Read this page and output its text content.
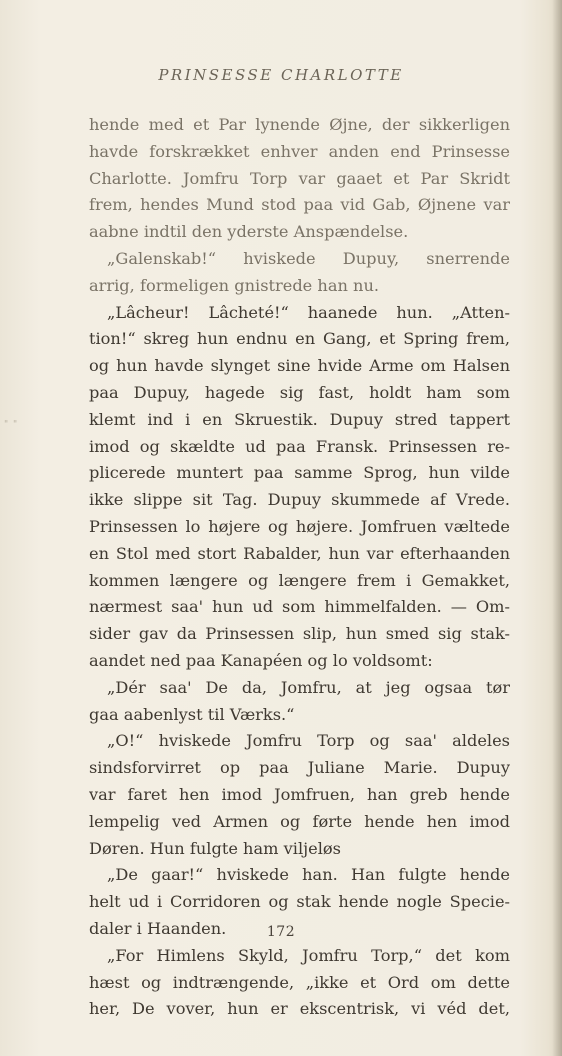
" "
PRINSESSE CHARLOTTE
hende med et Par lynende Øjne, der sikkerligen
havde forskrækket enhver anden end Prinsesse
Charlotte. Jomfru Torp var gaaet et Par Skridt
frem, hendes Mund stod paa vid Gab, Øjnene var
aabne indtil den yderste Anspændelse.
„Galenskab!“ hviskede Dupuy, snerrende
arrig, formeligen gnistrede han nu.
„Lâcheur! Lâcheté!“ haanede hun. „Atten-
tion!“ skreg hun endnu en Gang, et Spring frem,
og hun havde slynget sine hvide Arme om Halsen
paa Dupuy, hagede sig fast, holdt ham som
klemt ind i en Skruestik. Dupuy stred tappert
imod og skældte ud paa Fransk. Prinsessen re-
plicerede muntert paa samme Sprog, hun vilde
ikke slippe sit Tag. Dupuy skummede af Vrede.
Prinsessen lo højere og højere. Jomfruen væltede
en Stol med stort Rabalder, hun var efterhaanden
kommen længere og længere frem i Gemakket,
nærmest saa' hun ud som himmelfalden. — Om-
sider gav da Prinsessen slip, hun smed sig stak-
aandet ned paa Kanapéen og lo voldsomt:
„Dér saa' De da, Jomfru, at jeg ogsaa tør
gaa aabenlyst til Værks.“
„O!“ hviskede Jomfru Torp og saa' aldeles
sindsforvirret op paa Juliane Marie. Dupuy
var faret hen imod Jomfruen, han greb hende
lempelig ved Armen og førte hende hen imod
Døren. Hun fulgte ham viljeløs
„De gaar!“ hviskede han. Han fulgte hende
helt ud i Corridoren og stak hende nogle Specie-
daler i Haanden.
„For Himlens Skyld, Jomfru Torp,“ det kom
hæst og indtrængende, „ikke et Ord om dette
her, De vover, hun er ekscentrisk, vi véd det,
172
